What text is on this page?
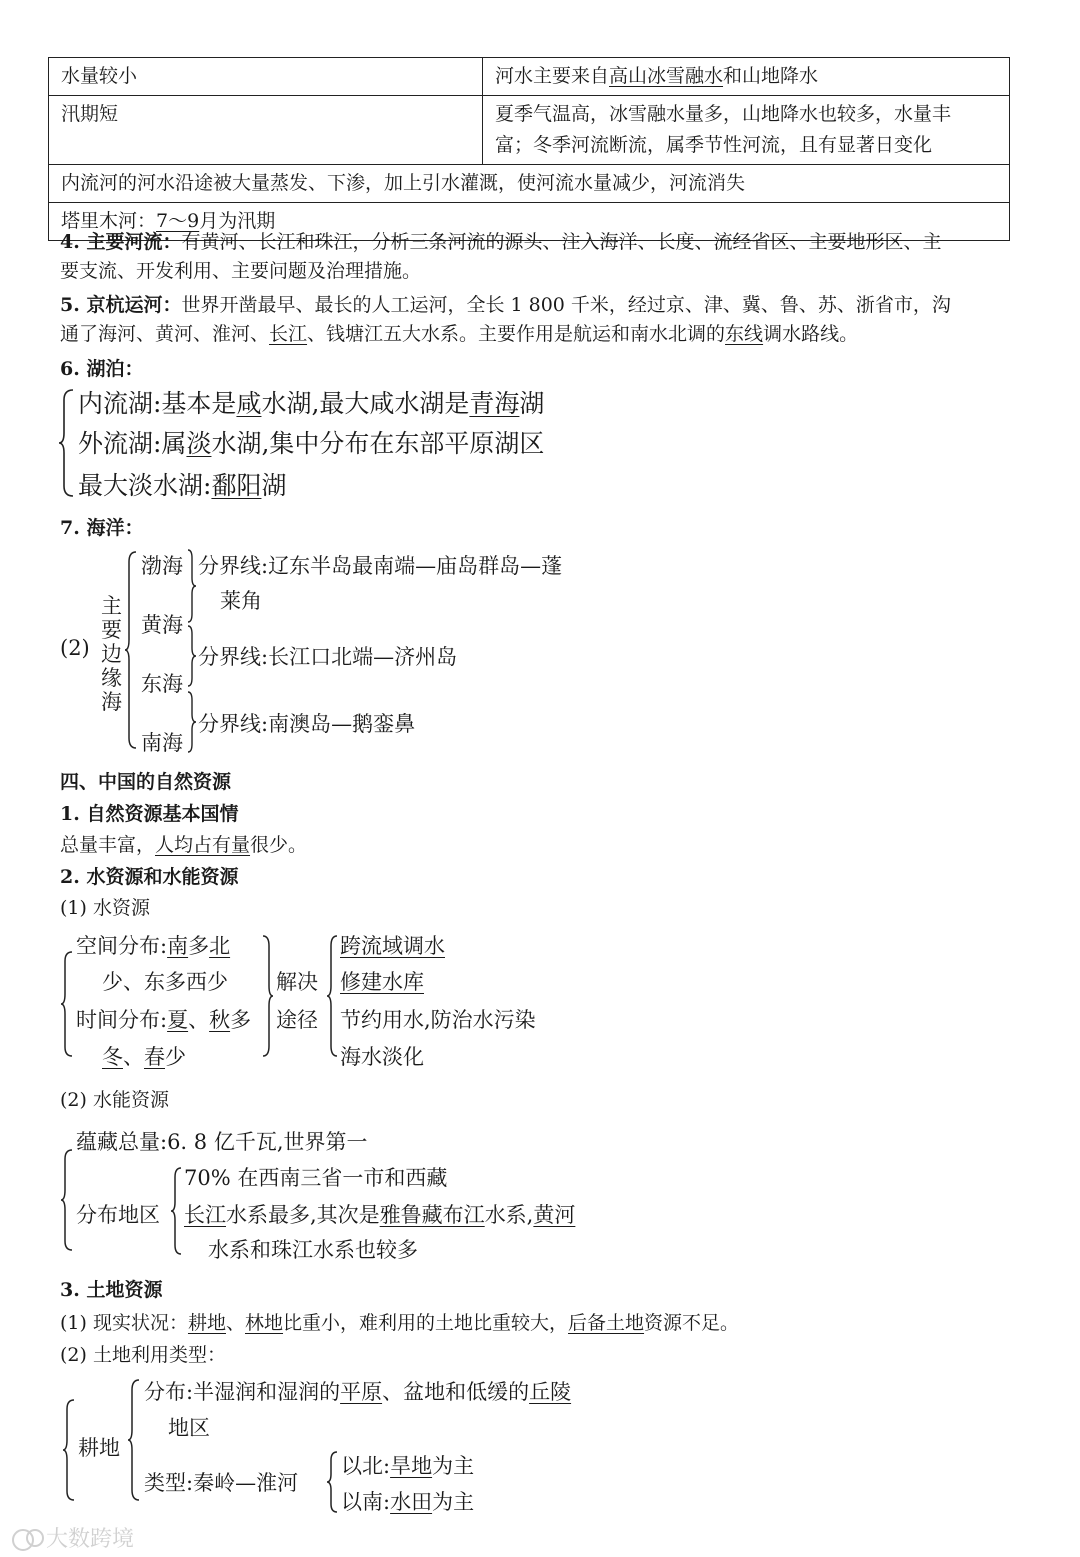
水量较小	河水主要来自高山冰雪融水和山地降水
汛期短	夏季气温高，冰雪融水量多，山地降水也较多，水量丰
富；冬季河流断流，属季节性河流，且有显著日变化
内流河的河水沿途被大量蒸发、下渗，加上引水灌溉，使河流水量减少，河流消失	
塔里木河：7～9月为汛期	
4. 主要河流：有黄河、长江和珠江，分析三条河流的源头、注入海洋、长度、流经省区、主要地形区、主
要支流、开发利用、主要问题及治理措施。
5. 京杭运河：世界开凿最早、最长的人工运河，全长 1 800 千米，经过京、津、冀、鲁、苏、浙省市，沟
通了海河、黄河、淮河、长江、钱塘江五大水系。主要作用是航运和南水北调的东线调水路线。
6. 湖泊：
内流湖:基本是咸水湖,最大咸水湖是青海湖
外流湖:属淡水湖,集中分布在东部平原湖区
最大淡水湖:鄱阳湖
7. 海洋：
(2)
主
要
边
缘
海
渤海
黄海
东海
南海
分界线:辽东半岛最南端—庙岛群岛—蓬
莱角
分界线:长江口北端—济州岛
分界线:南澳岛—鹅銮鼻
四、中国的自然资源
1. 自然资源基本国情
总量丰富，人均占有量很少。
2. 水资源和水能资源
(1) 水资源
空间分布:南多北
少、东多西少
时间分布:夏、秋多
冬、春少
解决
途径
跨流域调水
修建水库
节约用水,防治水污染
海水淡化
(2) 水能资源
蕴藏总量:6. 8 亿千瓦,世界第一
分布地区
70% 在西南三省一市和西藏
长江水系最多,其次是雅鲁藏布江水系,黄河
水系和珠江水系也较多
3. 土地资源
(1) 现实状况：耕地、林地比重小，难利用的土地比重较大，后备土地资源不足。
(2) 土地利用类型：
耕地
分布:半湿润和湿润的平原、盆地和低缓的丘陵
地区
类型:秦岭—淮河
以北:旱地为主
以南:水田为主
大数跨境
